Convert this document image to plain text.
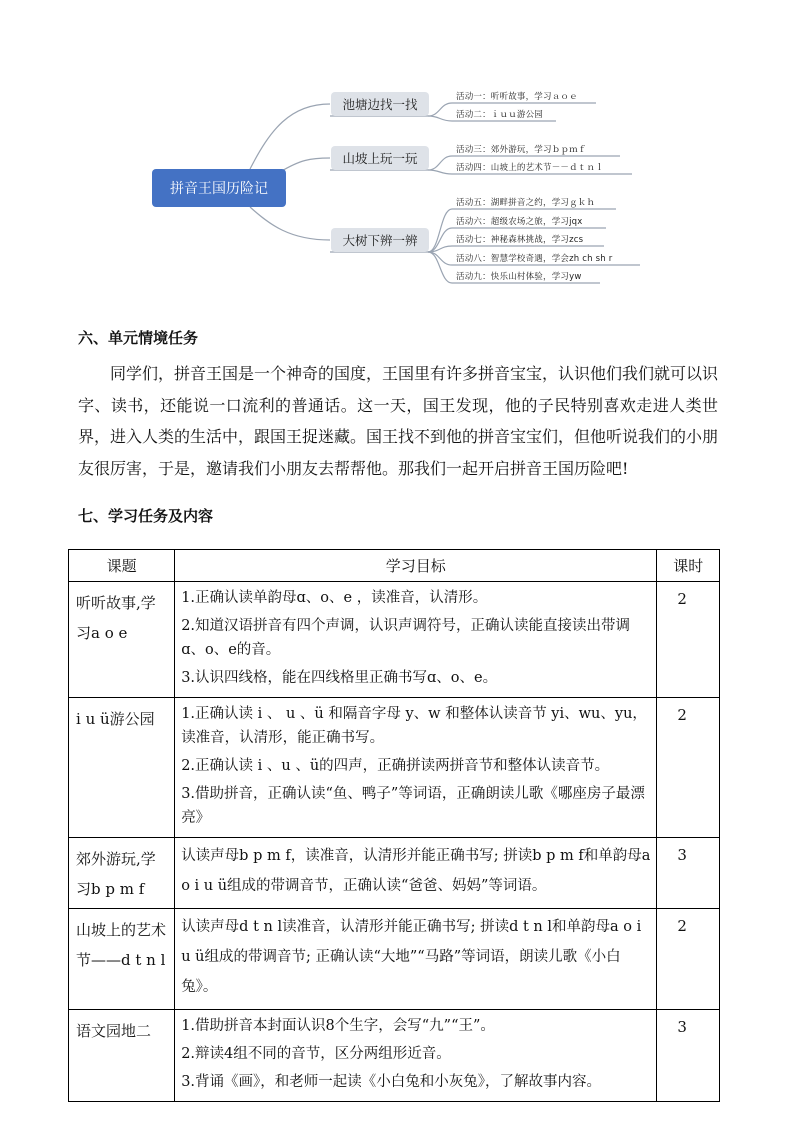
拼音王国历险记
池塘边找一找
山坡上玩一玩
大树下辨一辨
活动一：听听故事，学习ａｏｅ
活动二：ｉｕｕ游公园
活动三：郊外游玩，学习ｂｐｍｆ
活动四：山坡上的艺术节－－ｄｔｎｌ
活动五：湖畔拼音之约，学习ｇｋｈ
活动六：超级农场之旅，学习jqx
活动七：神秘森林挑战，学习zcs
活动八：智慧学校奇遇，学会zh ch sh r
活动九：快乐山村体验，学习yw
六、单元情境任务
同学们，拼音王国是一个神奇的国度，王国里有许多拼音宝宝，认识他们我们就可以识字、读书，还能说一口流利的普通话。这一天，国王发现，他的子民特别喜欢走进人类世界，进入人类的生活中，跟国王捉迷藏。国王找不到他的拼音宝宝们，但他听说我们的小朋友很厉害，于是，邀请我们小朋友去帮帮他。那我们一起开启拼音王国历险吧!
七、学习任务及内容
课题	学习目标	课时
听听故事,学习a o e	1.正确认读单韵母ɑ、o、e ，读准音，认清形。
2.知道汉语拼音有四个声调，认识声调符号，正确认读能直接读出带调ɑ、o、e的音。
3.认识四线格，能在四线格里正确书写ɑ、o、e。	2
i u ü游公园	1.正确认读 i 、 u 、ü 和隔音字母 y、w 和整体认读音节 yi、wu、yu，读准音，认清形，能正确书写。
2.正确认读 i 、u 、ü的四声，正确拼读两拼音节和整体认读音节。
3.借助拼音，正确认读“鱼、鸭子”等词语，正确朗读儿歌《哪座房子最漂亮》	2
郊外游玩,学习b p m f	认读声母b p m f，读准音，认清形并能正确书写; 拼读b p m f和单韵母a o i u ü组成的带调音节，正确认读“爸爸、妈妈”等词语。	3
山坡上的艺术节——d t n l	认读声母d t n l读准音，认清形并能正确书写; 拼读d t n l和单韵母a o i u ü组成的带调音节; 正确认读“大地”“马路”等词语，朗读儿歌《小白兔》。	2
语文园地二	1.借助拼音本封面认识8个生字，会写“九”“王”。
2.辩读4组不同的音节，区分两组形近音。
3.背诵《画》，和老师一起读《小白兔和小灰兔》，了解故事内容。	3
